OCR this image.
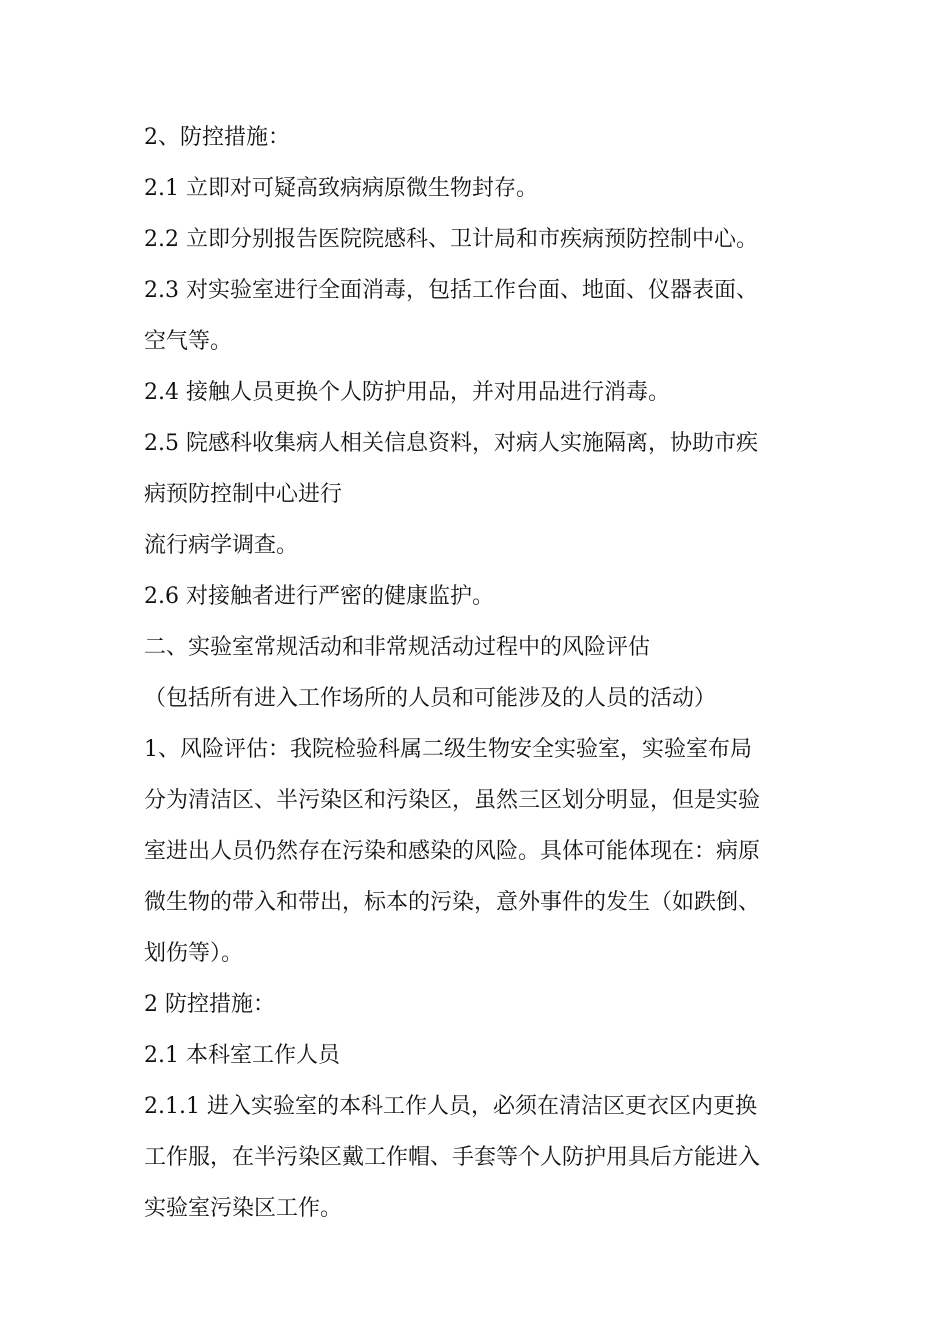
2、防控措施：
2.1 立即对可疑高致病病原微生物封存。
2.2 立即分别报告医院院感科、卫计局和市疾病预防控制中心。
2.3 对实验室进行全面消毒，包括工作台面、地面、仪器表面、
空气等。
2.4 接触人员更换个人防护用品，并对用品进行消毒。
2.5 院感科收集病人相关信息资料，对病人实施隔离，协助市疾
病预防控制中心进行
流行病学调查。
2.6 对接触者进行严密的健康监护。
二、实验室常规活动和非常规活动过程中的风险评估
（包括所有进入工作场所的人员和可能涉及的人员的活动）
1、风险评估：我院检验科属二级生物安全实验室，实验室布局
分为清洁区、半污染区和污染区，虽然三区划分明显，但是实验
室进出人员仍然存在污染和感染的风险。具体可能体现在：病原
微生物的带入和带出，标本的污染，意外事件的发生（如跌倒、
划伤等）。
2 防控措施：
2.1 本科室工作人员
2.1.1 进入实验室的本科工作人员，必须在清洁区更衣区内更换
工作服，在半污染区戴工作帽、手套等个人防护用具后方能进入
实验室污染区工作。
